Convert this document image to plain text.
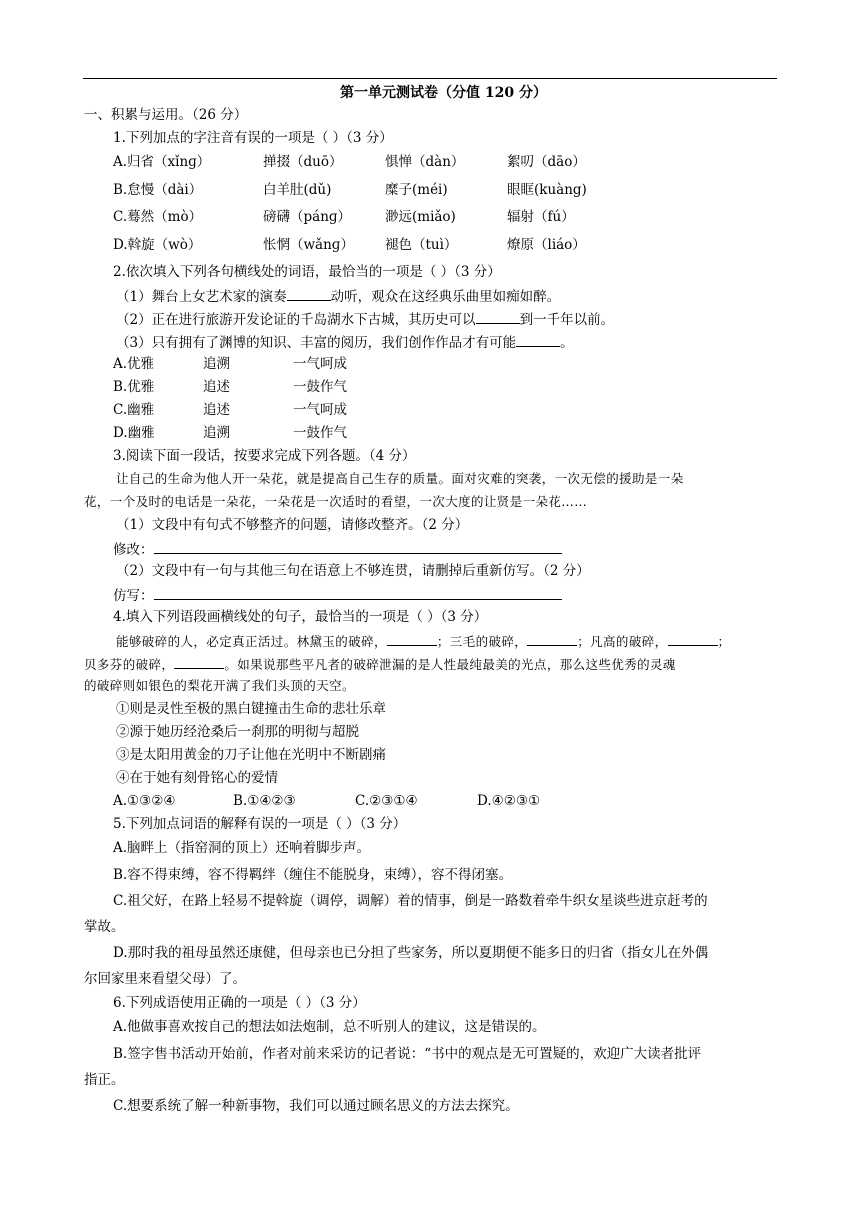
第一单元测试卷（分值 120 分）
一、积累与运用。（26 分）
1.下列加点的字注音有误的一项是（ ）（3 分）
A.归省（xǐnɡ）	掸掇（duō）	惧惮（dàn）	絮叨（dāo）
B.怠慢（dài）	白羊肚(dǔ)	糜子(méi)	眼眶(kuàng)
C.蓦然（mò）	磅礴（pánɡ）	渺远(miǎo)	辐射（fú）
D.斡旋（wò）	怅惘（wǎnɡ） 褪色（tuì）	燎原（liáo）
2.依次填入下列各句横线处的词语，最恰当的一项是（ ）（3 分）
（1）舞台上女艺术家的演奏	动听，观众在这经典乐曲里如痴如醉。
（2）正在进行旅游开发论证的千岛湖水下古城，其历史可以	到一千年以前。
（3）只有拥有了渊博的知识、丰富的阅历，我们创作作品才有可能	。
A.优雅	追溯	一气呵成
B.优雅	追述	一鼓作气
C.幽雅	追述	一气呵成
D.幽雅	追溯	一鼓作气
3.阅读下面一段话，按要求完成下列各题。（4 分）
让自己的生命为他人开一朵花，就是提高自己生存的质量。面对灾难的突袭，一次无偿的援助是一朵
花，一个及时的电话是一朵花，一朵花是一次适时的看望，一次大度的让贤是一朵花……
（1）文段中有句式不够整齐的问题，请修改整齐。（2 分）
修改：
（2）文段中有一句与其他三句在语意上不够连贯，请删掉后重新仿写。（2 分）
仿写：
4.填入下列语段画横线处的句子，最恰当的一项是（ ）（3 分）
能够破碎的人，必定真正活过。林黛玉的破碎，	；三毛的破碎，	；凡高的破碎，	；
贝多芬的破碎，	。如果说那些平凡者的破碎泄漏的是人性最纯最美的光点，那么这些优秀的灵魂
的破碎则如银色的梨花开满了我们头顶的天空。
①则是灵性至极的黑白键撞击生命的悲壮乐章
②源于她历经沧桑后一刹那的明彻与超脱
③是太阳用黄金的刀子让他在光明中不断剧痛
④在于她有刻骨铭心的爱情
A.①③②④	B.①④②③	C.②③①④	D.④②③①
5.下列加点词语的解释有误的一项是（ ）（3 分）
A.脑畔上（指窑洞的顶上）还响着脚步声。
B.容不得束缚，容不得羁绊（缠住不能脱身，束缚），容不得闭塞。
C.祖父好，在路上轻易不提斡旋（调停，调解）着的情事，倒是一路数着牵牛织女星谈些进京赶考的
掌故。
D.那时我的祖母虽然还康健，但母亲也已分担了些家务，所以夏期便不能多日的归省（指女儿在外偶
尔回家里来看望父母）了。
6.下列成语使用正确的一项是（ ）（3 分）
A.他做事喜欢按自己的想法如法炮制，总不听别人的建议，这是错误的。
B.签字售书活动开始前，作者对前来采访的记者说：“书中的观点是无可置疑的，欢迎广大读者批评
指正。
C.想要系统了解一种新事物，我们可以通过顾名思义的方法去探究。
